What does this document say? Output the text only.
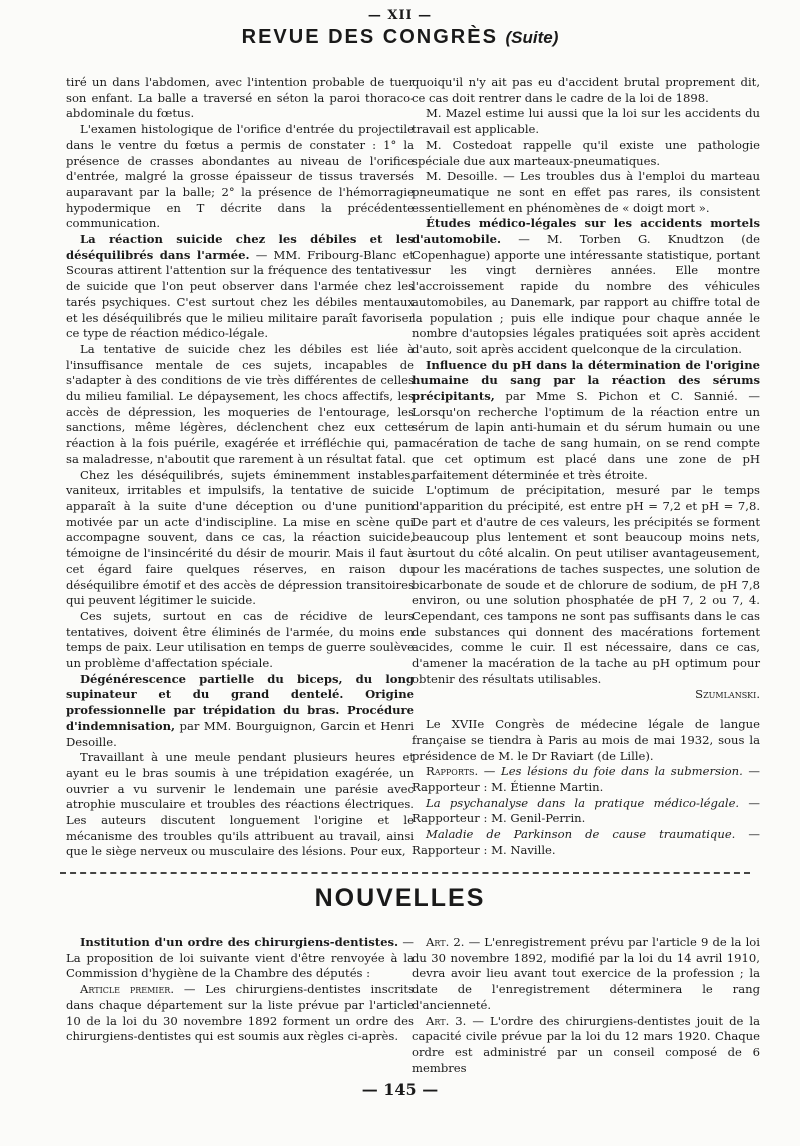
— XII —
REVUE DES CONGRÈS (Suite)

tiré un dans l'abdomen, avec l'intention probable de tuer son enfant. La balle a traversé en séton la paroi thoraco-abdominale du fœtus.

L'examen histologique de l'orifice d'entrée du projectile dans le ventre du fœtus a permis de constater : 1° la présence de crasses abondantes au niveau de l'orifice d'entrée, malgré la grosse épaisseur de tissus traversés auparavant par la balle; 2° la présence de l'hémorragie hypodermique en T décrite dans la précédente communication.

La réaction suicide chez les débiles et les déséquilibrés dans l'armée. — MM. Fribourg-Blanc et Scouras attirent l'attention sur la fréquence des tentatives de suicide que l'on peut observer dans l'armée chez les tarés psychiques. C'est surtout chez les débiles mentaux et les déséquilibrés que le milieu militaire paraît favoriser ce type de réaction médico-légale.

La tentative de suicide chez les débiles est liée à l'insuffisance mentale de ces sujets, incapables de s'adapter à des conditions de vie très différentes de celles du milieu familial. Le dépaysement, les chocs affectifs, les accès de dépression, les moqueries de l'entourage, les sanctions, même légères, déclenchent chez eux cette réaction à la fois puérile, exagérée et irréfléchie qui, par sa maladresse, n'aboutit que rarement à un résultat fatal.

Chez les déséquilibrés, sujets éminemment instables, vaniteux, irritables et impulsifs, la tentative de suicide apparaît à la suite d'une déception ou d'une punition motivée par un acte d'indiscipline. La mise en scène qui accompagne souvent, dans ce cas, la réaction suicide, témoigne de l'insincérité du désir de mourir. Mais il faut à cet égard faire quelques réserves, en raison du déséquilibre émotif et des accès de dépression transitoires qui peuvent légitimer le suicide.

Ces sujets, surtout en cas de récidive de leurs tentatives, doivent être éliminés de l'armée, du moins en temps de paix. Leur utilisation en temps de guerre soulève un problème d'affectation spéciale.

Dégénérescence partielle du biceps, du long supinateur et du grand dentelé. Origine professionnelle par trépidation du bras. Procédure d'indemnisation, par MM. Bourguignon, Garcin et Henri Desoille.

Travaillant à une meule pendant plusieurs heures et ayant eu le bras soumis à une trépidation exagérée, un ouvrier a vu survenir le lendemain une parésie avec atrophie musculaire et troubles des réactions électriques. Les auteurs discutent longuement l'origine et le mécanisme des troubles qu'ils attribuent au travail, ainsi que le siège nerveux ou musculaire des lésions. Pour eux,

quoiqu'il n'y ait pas eu d'accident brutal proprement dit, ce cas doit rentrer dans le cadre de la loi de 1898.

M. Mazel estime lui aussi que la loi sur les accidents du travail est applicable.

M. Costedoat rappelle qu'il existe une pathologie spéciale due aux marteaux-pneumatiques.

M. Desoille. — Les troubles dus à l'emploi du marteau pneumatique ne sont en effet pas rares, ils consistent essentiellement en phénomènes de « doigt mort ».

Études médico-légales sur les accidents mortels d'automobile. — M. Torben G. Knudtzon (de Copenhague) apporte une intéressante statistique, portant sur les vingt dernières années. Elle montre l'accroissement rapide du nombre des véhicules automobiles, au Danemark, par rapport au chiffre total de la population ; puis elle indique pour chaque année le nombre d'autopsies légales pratiquées soit après accident d'auto, soit après accident quelconque de la circulation.

Influence du pH dans la détermination de l'origine humaine du sang par la réaction des sérums précipitants, par Mme S. Pichon et C. Sannié. — Lorsqu'on recherche l'optimum de la réaction entre un sérum de lapin anti-humain et du sérum humain ou une macération de tache de sang humain, on se rend compte que cet optimum est placé dans une zone de pH parfaitement déterminée et très étroite.

L'optimum de précipitation, mesuré par le temps d'apparition du précipité, est entre pH = 7,2 et pH = 7,8. De part et d'autre de ces valeurs, les précipités se forment beaucoup plus lentement et sont beaucoup moins nets, surtout du côté alcalin. On peut utiliser avantageusement, pour les macérations de taches suspectes, une solution de bicarbonate de soude et de chlorure de sodium, de pH 7,8 environ, ou une solution phosphatée de pH 7, 2 ou 7, 4. Cependant, ces tampons ne sont pas suffisants dans le cas de substances qui donnent des macérations fortement acides, comme le cuir. Il est nécessaire, dans ce cas, d'amener la macération de la tache au pH optimum pour obtenir des résultats utilisables.

Szumlanski.

Le XVIIe Congrès de médecine légale de langue française se tiendra à Paris au mois de mai 1932, sous la présidence de M. le Dr Raviart (de Lille).

Rapports. — Les lésions du foie dans la submersion. — Rapporteur : M. Étienne Martin.

La psychanalyse dans la pratique médico-légale. — Rapporteur : M. Genil-Perrin.

Maladie de Parkinson de cause traumatique. — Rapporteur : M. Naville.

NOUVELLES

Institution d'un ordre des chirurgiens-dentistes. — La proposition de loi suivante vient d'être renvoyée à la Commission d'hygiène de la Chambre des députés :

Article premier. — Les chirurgiens-dentistes inscrits dans chaque département sur la liste prévue par l'article 10 de la loi du 30 novembre 1892 forment un ordre des chirurgiens-dentistes qui est soumis aux règles ci-après.

Art. 2. — L'enregistrement prévu par l'article 9 de la loi du 30 novembre 1892, modifié par la loi du 14 avril 1910, devra avoir lieu avant tout exercice de la profession ; la date de l'enregistrement déterminera le rang d'ancienneté.

Art. 3. — L'ordre des chirurgiens-dentistes jouit de la capacité civile prévue par la loi du 12 mars 1920. Chaque ordre est administré par un conseil composé de 6 membres

— 145 —
